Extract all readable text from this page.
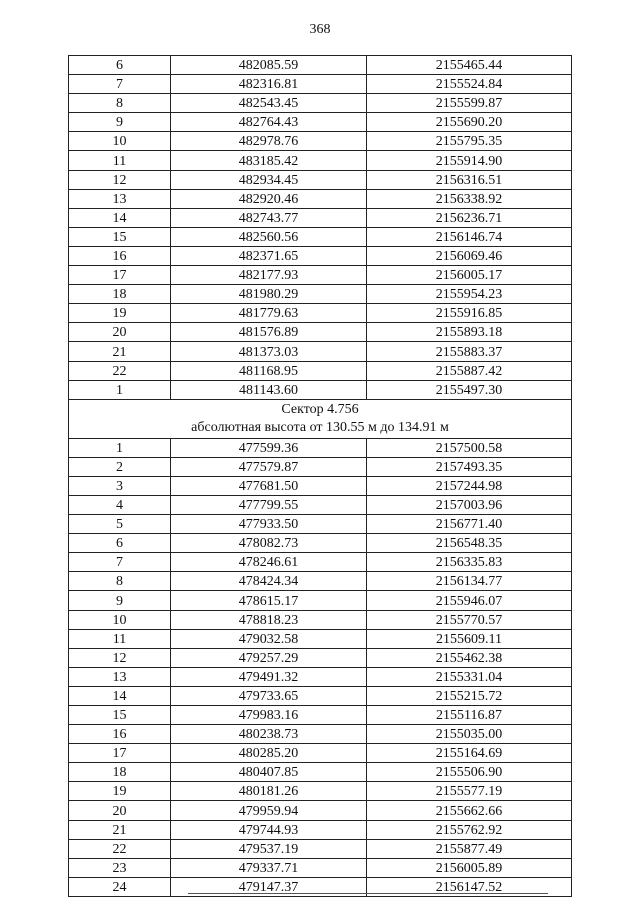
368
6	482085.59	2155465.44
7	482316.81	2155524.84
8	482543.45	2155599.87
9	482764.43	2155690.20
10	482978.76	2155795.35
11	483185.42	2155914.90
12	482934.45	2156316.51
13	482920.46	2156338.92
14	482743.77	2156236.71
15	482560.56	2156146.74
16	482371.65	2156069.46
17	482177.93	2156005.17
18	481980.29	2155954.23
19	481779.63	2155916.85
20	481576.89	2155893.18
21	481373.03	2155883.37
22	481168.95	2155887.42
1	481143.60	2155497.30

Сектор 4.756
абсолютная высота от 130.55 м до 134.91 м		

1	477599.36	2157500.58
2	477579.87	2157493.35
3	477681.50	2157244.98
4	477799.55	2157003.96
5	477933.50	2156771.40
6	478082.73	2156548.35
7	478246.61	2156335.83
8	478424.34	2156134.77
9	478615.17	2155946.07
10	478818.23	2155770.57
11	479032.58	2155609.11
12	479257.29	2155462.38
13	479491.32	2155331.04
14	479733.65	2155215.72
15	479983.16	2155116.87
16	480238.73	2155035.00
17	480285.20	2155164.69
18	480407.85	2155506.90
19	480181.26	2155577.19
20	479959.94	2155662.66
21	479744.93	2155762.92
22	479537.19	2155877.49
23	479337.71	2156005.89
24	479147.37	2156147.52
